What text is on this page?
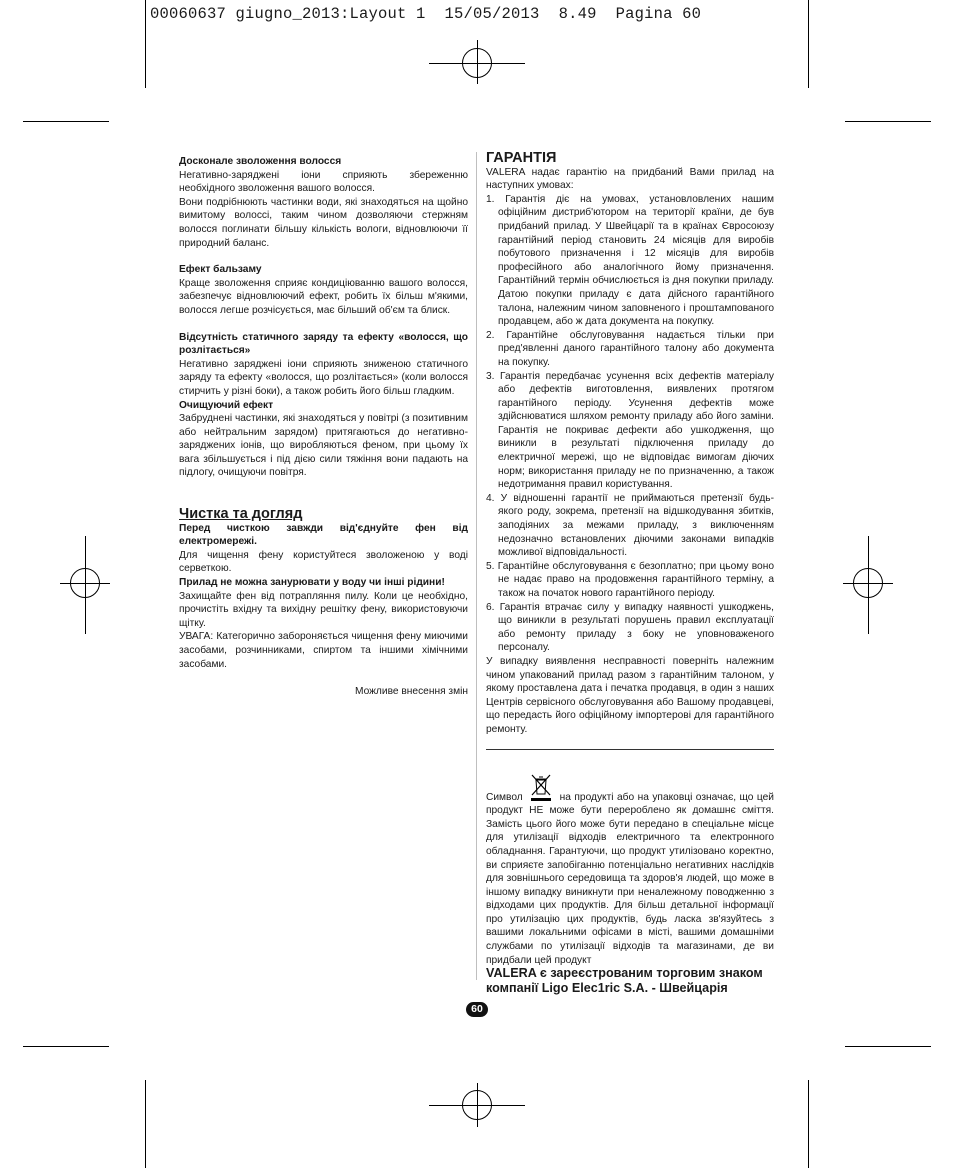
00060637 giugno_2013:Layout 1  15/05/2013  8.49  Pagina 60

Досконале зволоження волосся

Негативно-заряджені іони сприяють збереженню необхідного зволоження вашого волосся.

Вони подрібнюють частинки води, які знаходяться на щойно вимитому волоссі, таким чином дозволяючи стержням волосся поглинати більшу кількість вологи, відновлюючи її природний баланс.

Ефект бальзаму

Краще зволоження сприяє кондиціюванню вашого волосся, забезпечує відновлюючий ефект, робить їх більш м'якими, волосся легше розчісується, має більший об'єм та блиск.

Відсутність статичного заряду та ефекту «волосся, що розлітається»

Негативно заряджені іони сприяють зниженою статичного заряду та ефекту «волосся, що розлітається» (коли волосся стирчить у різні боки), а також робить його більш гладким.

Очищуючий ефект

Забруднені частинки, які знаходяться у повітрі (з позитивним або нейтральним зарядом) притягаються до негативно-заряджених іонів, що виробляються феном, при цьому їх вага збільшується і під дією сили тяжіння вони падають на підлогу, очищуючи повітря.

Чистка та догляд

Перед чисткою завжди від'єднуйте фен від електромережі.

Для чищення фену користуйтеся зволоженою у воді серветкою.

Прилад не можна занурювати у воду чи інші рідини!

Захищайте фен від потрапляння пилу. Коли це необхідно, прочистіть вхідну та вихідну решітку фену, використовуючи щітку.

УВАГА: Категорично забороняється чищення фену миючими засобами, розчинниками, спиртом та іншими хімічними засобами.

Можливе внесення змін

ГАРАНТІЯ

VALERA надає гарантію на придбаний Вами прилад на наступних умовах:

1. Гарантія діє на умовах, установловлених нашим офіційним дистриб'ютором на території країни, де був придбаний прилад. У Швейцарії та в країнах Євросоюзу гарантійний період становить 24 місяців для виробів побутового призначення і 12 місяців для виробів професійного або аналогічного йому призначення. Гарантійний термін обчислюється із дня покупки приладу. Датою покупки приладу є дата дійсного гарантійного талона, належним чином заповненого і проштампованого продавцем, або ж дата документа на покупку.

2. Гарантійне обслуговування надається тільки при пред'явленні даного гарантійного талону або документа на покупку.

3. Гарантія передбачає усунення всіх дефектів матеріалу або дефектів виготовлення, виявлених протягом гарантійного періоду. Усунення дефектів може здійснюватися шляхом ремонту приладу або його заміни. Гарантія не покриває дефекти або ушкодження, що виникли в результаті підключення приладу до електричної мережі, що не відповідає вимогам діючих норм; використання приладу не по призначенню, а також недотримання правил користування.

4. У відношенні гарантії не приймаються претензії будь-якого роду, зокрема, претензії на відшкодування збитків, заподіяних за межами приладу, з виключенням недозначно встановлених діючими законами випадків можливої відповідальності.

5. Гарантійне обслуговування є безоплатно; при цьому воно не надає право на продовження гарантійного терміну, а також на початок нового гарантійного періоду.

6. Гарантія втрачає силу у випадку наявності ушкоджень, що виникли в результаті порушень правил експлуатації або ремонту приладу з боку не уповноваженого персоналу.

У випадку виявлення несправності поверніть належним чином упакований прилад разом з гарантійним талоном, у якому проставлена дата і печатка продавця, в один з наших Центрів сервісного обслуговування або Вашому продавцеві, що передасть його офіційному імпортерові для гарантійного ремонту.

Символ	на продукті або на упаковці означає, що цей продукт НЕ може бути перероблено як домашнє сміття. Замість цього його може бути передано в спеціальне місце для утилізації відходів електричного та електронного обладнання. Гарантуючи, що продукт утилізовано коректно, ви сприяєте запобіганню потенціально негативних наслідків для зовнішнього середовища та здоров'я людей, що може в іншому випадку виникнути при неналежному поводженню з відходами цих продуктів. Для більш детальної інформації про утилізацію цих продуктів, будь ласка зв'язуйтесь з вашими локальними офісами в місті, вашими домашніми службами по утилізації відходів та магазинами, де ви придбали цей продукт

VALERA є зареєстрованим торговим знаком компанії Ligo Elec1ric S.A. - Швейцарія
60
